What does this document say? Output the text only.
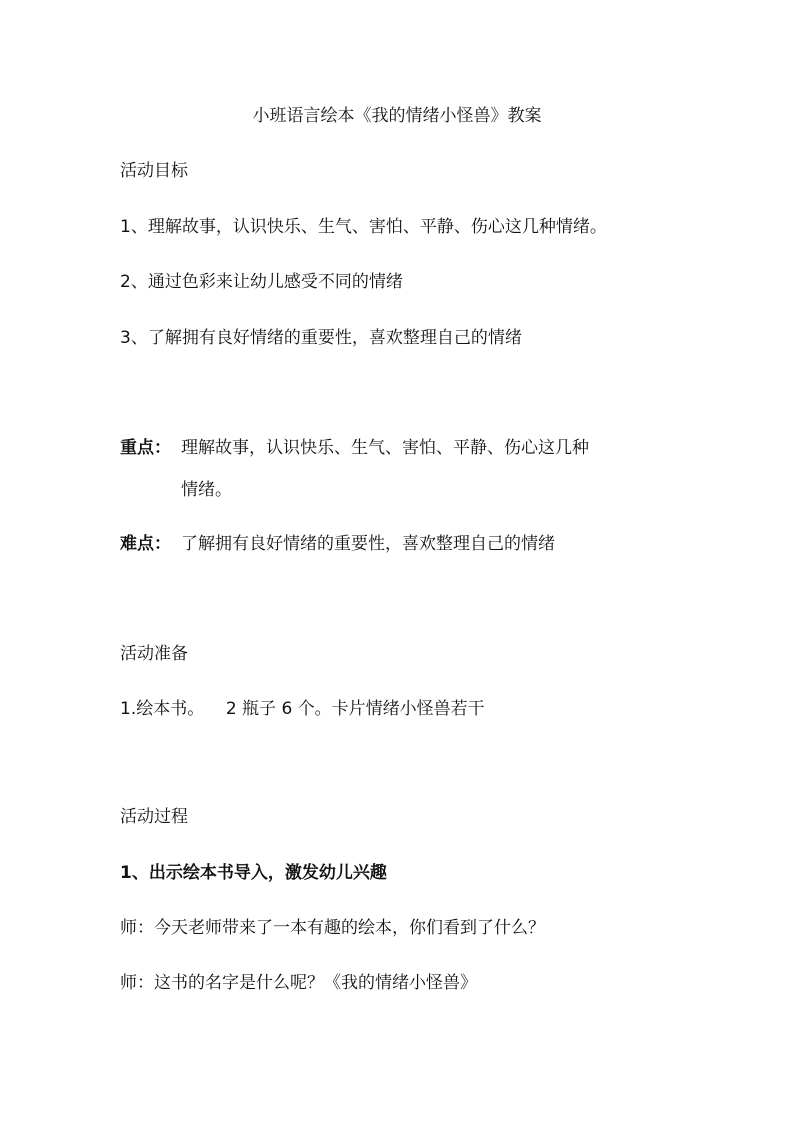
小班语言绘本《我的情绪小怪兽》教案
活动目标
1、理解故事，认识快乐、生气、害怕、平静、伤心这几种情绪。
2、通过色彩来让幼儿感受不同的情绪
3、了解拥有良好情绪的重要性，喜欢整理自己的情绪
重点： 理解故事，认识快乐、生气、害怕、平静、伤心这几种
情绪。
难点： 了解拥有良好情绪的重要性，喜欢整理自己的情绪
活动准备
1.绘本书。    2 瓶子 6 个。卡片情绪小怪兽若干
活动过程
1、出示绘本书导入，激发幼儿兴趣
师：今天老师带来了一本有趣的绘本，你们看到了什么？
师：这书的名字是什么呢？《我的情绪小怪兽》
